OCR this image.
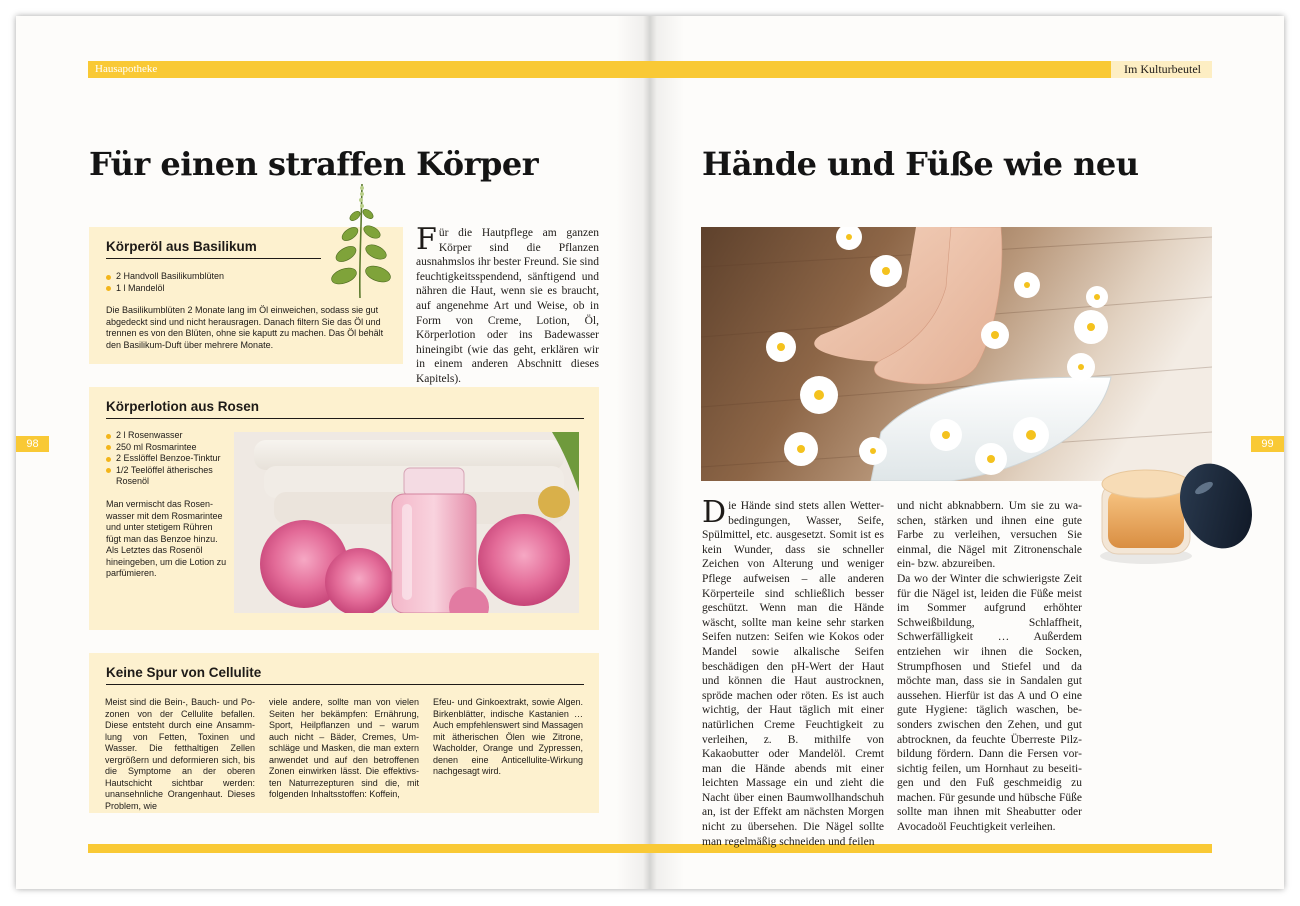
Hausapotheke	Im Kulturbeutel
98	99
Für einen straffen Körper
Körperöl aus Basilikum
2 Handvoll Basilikumblüten
1 l Mandelöl
Die Basilikumblüten 2 Monate lang im Öl einweichen, sodass sie gut abgedeckt sind und nicht herausragen. Danach filtern Sie das Öl und trennen es von den Blüten, ohne sie kaputt zu machen. Das Öl behält den Basilikum-Duft über mehrere Monate.
Für die Hautpflege am ganzen Körper sind die Pflanzen ausnahmslos ihr bester Freund. Sie sind feuchtigkeitsspendend, sänftigend und nähren die Haut, wenn sie es braucht, auf angenehme Art und Weise, ob in Form von Creme, Lotion, Öl, Körperlotion oder ins Badewasser hineingibt (wie das geht, erklären wir in einem anderen Abschnitt dieses Kapitels).
Körperlotion aus Rosen
2 l Rosenwasser
250 ml Rosmarintee
2 Esslöffel Benzoe-Tinktur
1/2 Teelöffel ätherisches Rosenöl
Man vermischt das Rosenwasser mit dem Rosmarintee und unter stetigem Rühren fügt man das Benzoe hinzu. Als Letztes das Rosenöl hineingeben, um die Lotion zu parfümieren.
Keine Spur von Cellulite
Meist sind die Bein-, Bauch- und Pozonen von der Cellulite befallen. Diese entsteht durch eine Ansammlung von Fetten, Toxinen und Wasser. Die fetthaltigen Zellen vergrößern und deformieren sich, bis die Symptome an der oberen Hautschicht sichtbar werden: unansehnliche Orangenhaut. Dieses Problem, wie
viele andere, sollte man von vielen Seiten her bekämpfen: Ernährung, Sport, Heilpflanzen und – warum auch nicht – Bäder, Cremes, Umschläge und Masken, die man extern anwendet und auf den betroffenen Zonen einwirken lässt. Die effektivsten Naturrezepturen sind die, mit folgenden Inhaltsstoffen: Koffein,
Efeu- und Ginkoextrakt, sowie Algen. Birkenblätter, indische Kastanien … Auch empfehlenswert sind Massagen mit ätherischen Ölen wie Zitrone, Wacholder, Orange und Zypressen, denen eine Anticellulite-Wirkung nachgesagt wird.
Hände und Füße wie neu
Die Hände sind stets allen Wetterbedingungen, Wasser, Seife, Spülmittel, etc. ausgesetzt. Somit ist es kein Wunder, dass sie schneller Zeichen von Alterung und weniger Pflege aufweisen – alle anderen Körperteile sind schließlich besser geschützt. Wenn man die Hände wäscht, sollte man keine sehr starken Seifen nutzen: Seifen wie Kokos oder Mandel sowie alkalische Seifen beschädigen den pH-Wert der Haut und können die Haut austrocknen, spröde machen oder röten. Es ist auch wichtig, der Haut täglich mit einer natürlichen Creme Feuchtigkeit zu verleihen, z. B. mithilfe von Kakaobutter oder Mandelöl. Cremt man die Hände abends mit einer leichten Massage ein und zieht die Nacht über einen Baumwollhandschuh an, ist der Effekt am nächsten Morgen nicht zu übersehen. Die Nägel sollte man regelmäßig schneiden und feilen
und nicht abknabbern. Um sie zu waschen, stärken und ihnen eine gute Farbe zu verleihen, versuchen Sie einmal, die Nägel mit Zitronenschale ein- bzw. abzureiben.
Da wo der Winter die schwierigste Zeit für die Nägel ist, leiden die Füße meist im Sommer aufgrund erhöhter Schweißbildung, Schlaffheit, Schwerfälligkeit … Außerdem entziehen wir ihnen die Socken, Strumpfhosen und Stiefel und da möchte man, dass sie in Sandalen gut aussehen. Hierfür ist das A und O eine gute Hygiene: täglich waschen, besonders zwischen den Zehen, und gut abtrocknen, da feuchte Überreste Pilzbildung fördern. Dann die Fersen vorsichtig feilen, um Hornhaut zu beseitigen und den Fuß geschmeidig zu machen. Für gesunde und hübsche Füße sollte man ihnen mit Sheabutter oder Avocadoöl Feuchtigkeit verleihen.
